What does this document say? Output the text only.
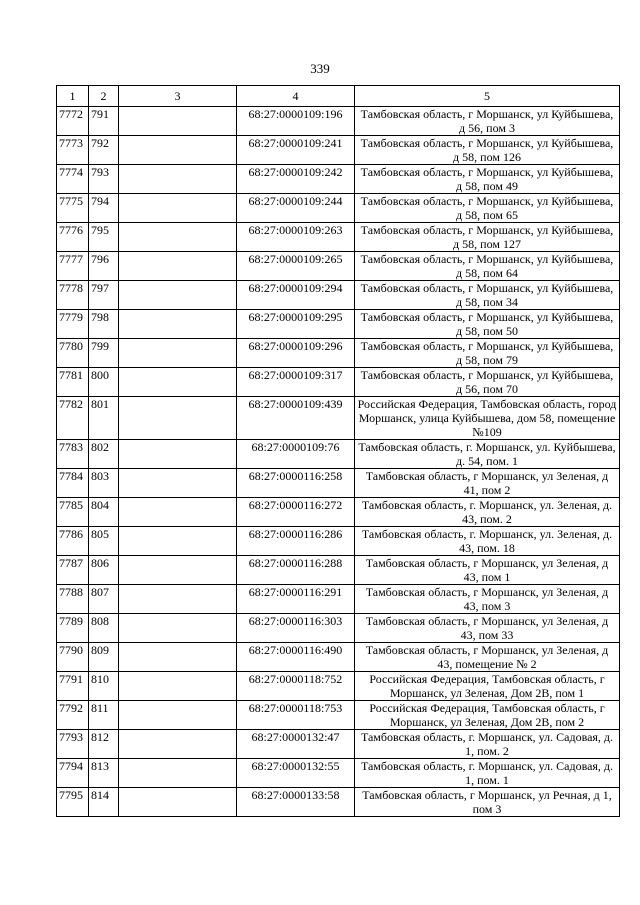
339
1	2	3	4	5
7772	791		68:27:0000109:196	Тамбовская область, г Моршанск, ул Куйбышева, д 56, пом 3
7773	792		68:27:0000109:241	Тамбовская область, г Моршанск, ул Куйбышева, д 58, пом 126
7774	793		68:27:0000109:242	Тамбовская область, г Моршанск, ул Куйбышева, д 58, пом 49
7775	794		68:27:0000109:244	Тамбовская область, г Моршанск, ул Куйбышева, д 58, пом 65
7776	795		68:27:0000109:263	Тамбовская область, г Моршанск, ул Куйбышева, д 58, пом 127
7777	796		68:27:0000109:265	Тамбовская область, г Моршанск, ул Куйбышева, д 58, пом 64
7778	797		68:27:0000109:294	Тамбовская область, г Моршанск, ул Куйбышева, д 58, пом 34
7779	798		68:27:0000109:295	Тамбовская область, г Моршанск, ул Куйбышева, д 58, пом 50
7780	799		68:27:0000109:296	Тамбовская область, г Моршанск, ул Куйбышева, д 58, пом 79
7781	800		68:27:0000109:317	Тамбовская область, г Моршанск, ул Куйбышева, д 56, пом 70
7782	801		68:27:0000109:439	Российская Федерация, Тамбовская область, город Моршанск, улица Куйбышева, дом 58, помещение №109
7783	802		68:27:0000109:76	Тамбовская область, г. Моршанск, ул. Куйбышева, д. 54, пом. 1
7784	803		68:27:0000116:258	Тамбовская область, г Моршанск, ул Зеленая, д 41, пом 2
7785	804		68:27:0000116:272	Тамбовская область, г. Моршанск, ул. Зеленая, д. 43, пом. 2
7786	805		68:27:0000116:286	Тамбовская область, г. Моршанск, ул. Зеленая, д. 43, пом. 18
7787	806		68:27:0000116:288	Тамбовская область, г Моршанск, ул Зеленая, д 43, пом 1
7788	807		68:27:0000116:291	Тамбовская область, г Моршанск, ул Зеленая, д 43, пом 3
7789	808		68:27:0000116:303	Тамбовская область, г Моршанск, ул Зеленая, д 43, пом 33
7790	809		68:27:0000116:490	Тамбовская область, г Моршанск, ул Зеленая, д 43, помещение № 2
7791	810		68:27:0000118:752	Российская Федерация, Тамбовская область, г Моршанск, ул Зеленая, Дом 2В, пом 1
7792	811		68:27:0000118:753	Российская Федерация, Тамбовская область, г Моршанск, ул Зеленая, Дом 2В, пом 2
7793	812		68:27:0000132:47	Тамбовская область, г. Моршанск, ул. Садовая, д. 1, пом. 2
7794	813		68:27:0000132:55	Тамбовская область, г. Моршанск, ул. Садовая, д. 1, пом. 1
7795	814		68:27:0000133:58	Тамбовская область, г Моршанск, ул Речная, д 1, пом 3
